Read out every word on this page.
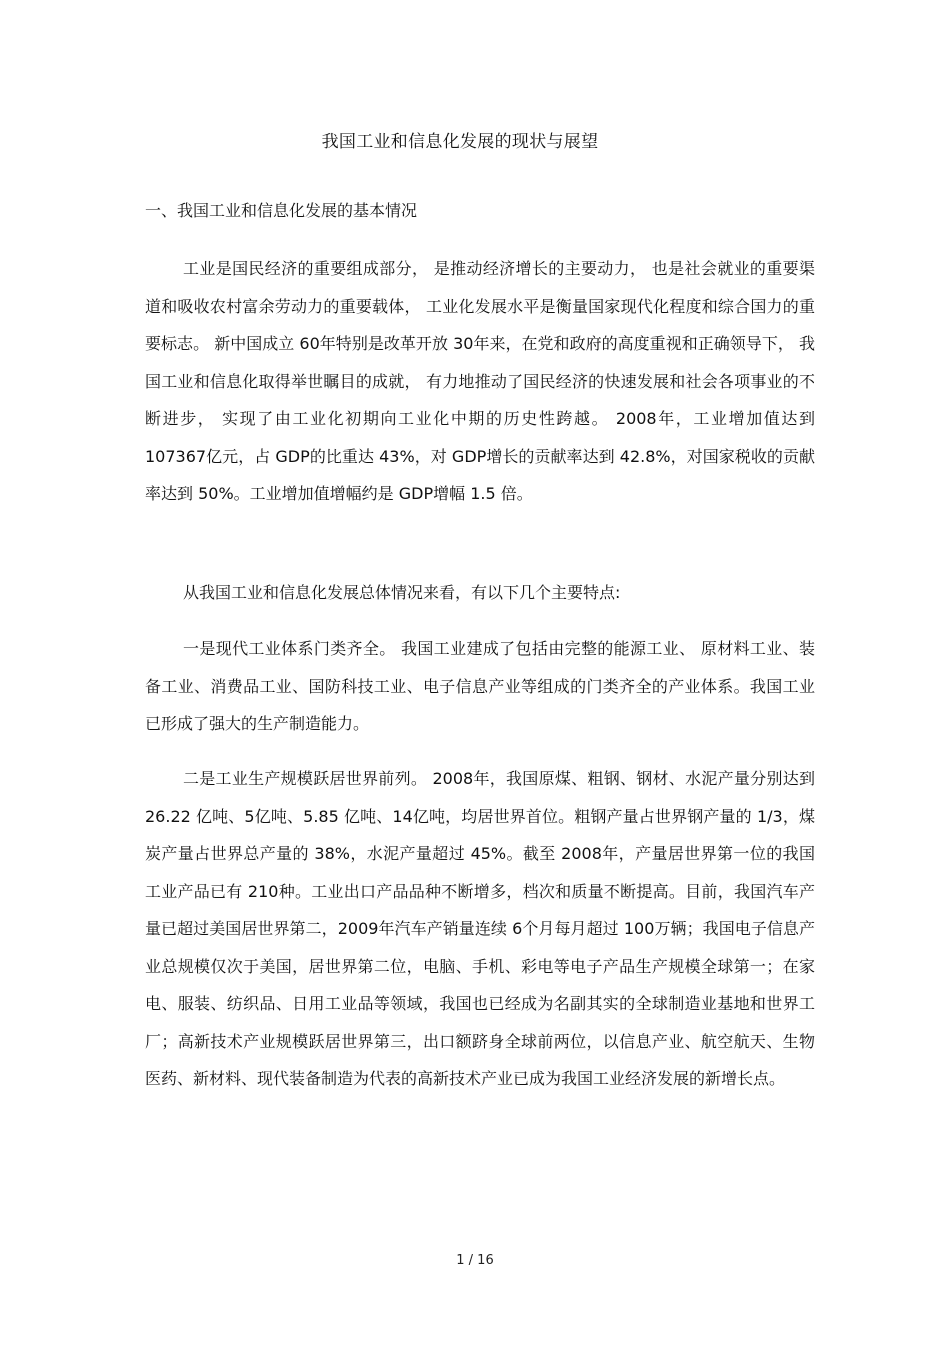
我国工业和信息化发展的现状与展望
一、我国工业和信息化发展的基本情况

工业是国民经济的重要组成部分， 是推动经济增长的主要动力， 也是社会就业的重要渠道和吸收农村富余劳动力的重要载体， 工业化发展水平是衡量国家现代化程度和综合国力的重要标志。 新中国成立 60年特别是改革开放 30年来，在党和政府的高度重视和正确领导下， 我国工业和信息化取得举世瞩目的成就， 有力地推动了国民经济的快速发展和社会各项事业的不断进步， 实现了由工业化初期向工业化中期的历史性跨越。 2008年，工业增加值达到 107367亿元，占 GDP的比重达 43%，对 GDP增长的贡献率达到 42.8%，对国家税收的贡献率达到 50%。工业增加值增幅约是 GDP增幅 1.5 倍。

从我国工业和信息化发展总体情况来看，有以下几个主要特点:

一是现代工业体系门类齐全。 我国工业建成了包括由完整的能源工业、 原材料工业、装备工业、消费品工业、国防科技工业、电子信息产业等组成的门类齐全的产业体系。我国工业已形成了强大的生产制造能力。

二是工业生产规模跃居世界前列。 2008年，我国原煤、粗钢、钢材、水泥产量分别达到 26.22 亿吨、5亿吨、5.85 亿吨、14亿吨，均居世界首位。粗钢产量占世界钢产量的 1/3，煤炭产量占世界总产量的 38%，水泥产量超过 45%。截至 2008年，产量居世界第一位的我国工业产品已有 210种。工业出口产品品种不断增多，档次和质量不断提高。目前，我国汽车产量已超过美国居世界第二，2009年汽车产销量连续 6个月每月超过 100万辆；我国电子信息产业总规模仅次于美国，居世界第二位，电脑、手机、彩电等电子产品生产规模全球第一；在家电、服装、纺织品、日用工业品等领域，我国也已经成为名副其实的全球制造业基地和世界工厂；高新技术产业规模跃居世界第三，出口额跻身全球前两位，以信息产业、航空航天、生物医药、新材料、现代装备制造为代表的高新技术产业已成为我国工业经济发展的新增长点。

1 / 16
